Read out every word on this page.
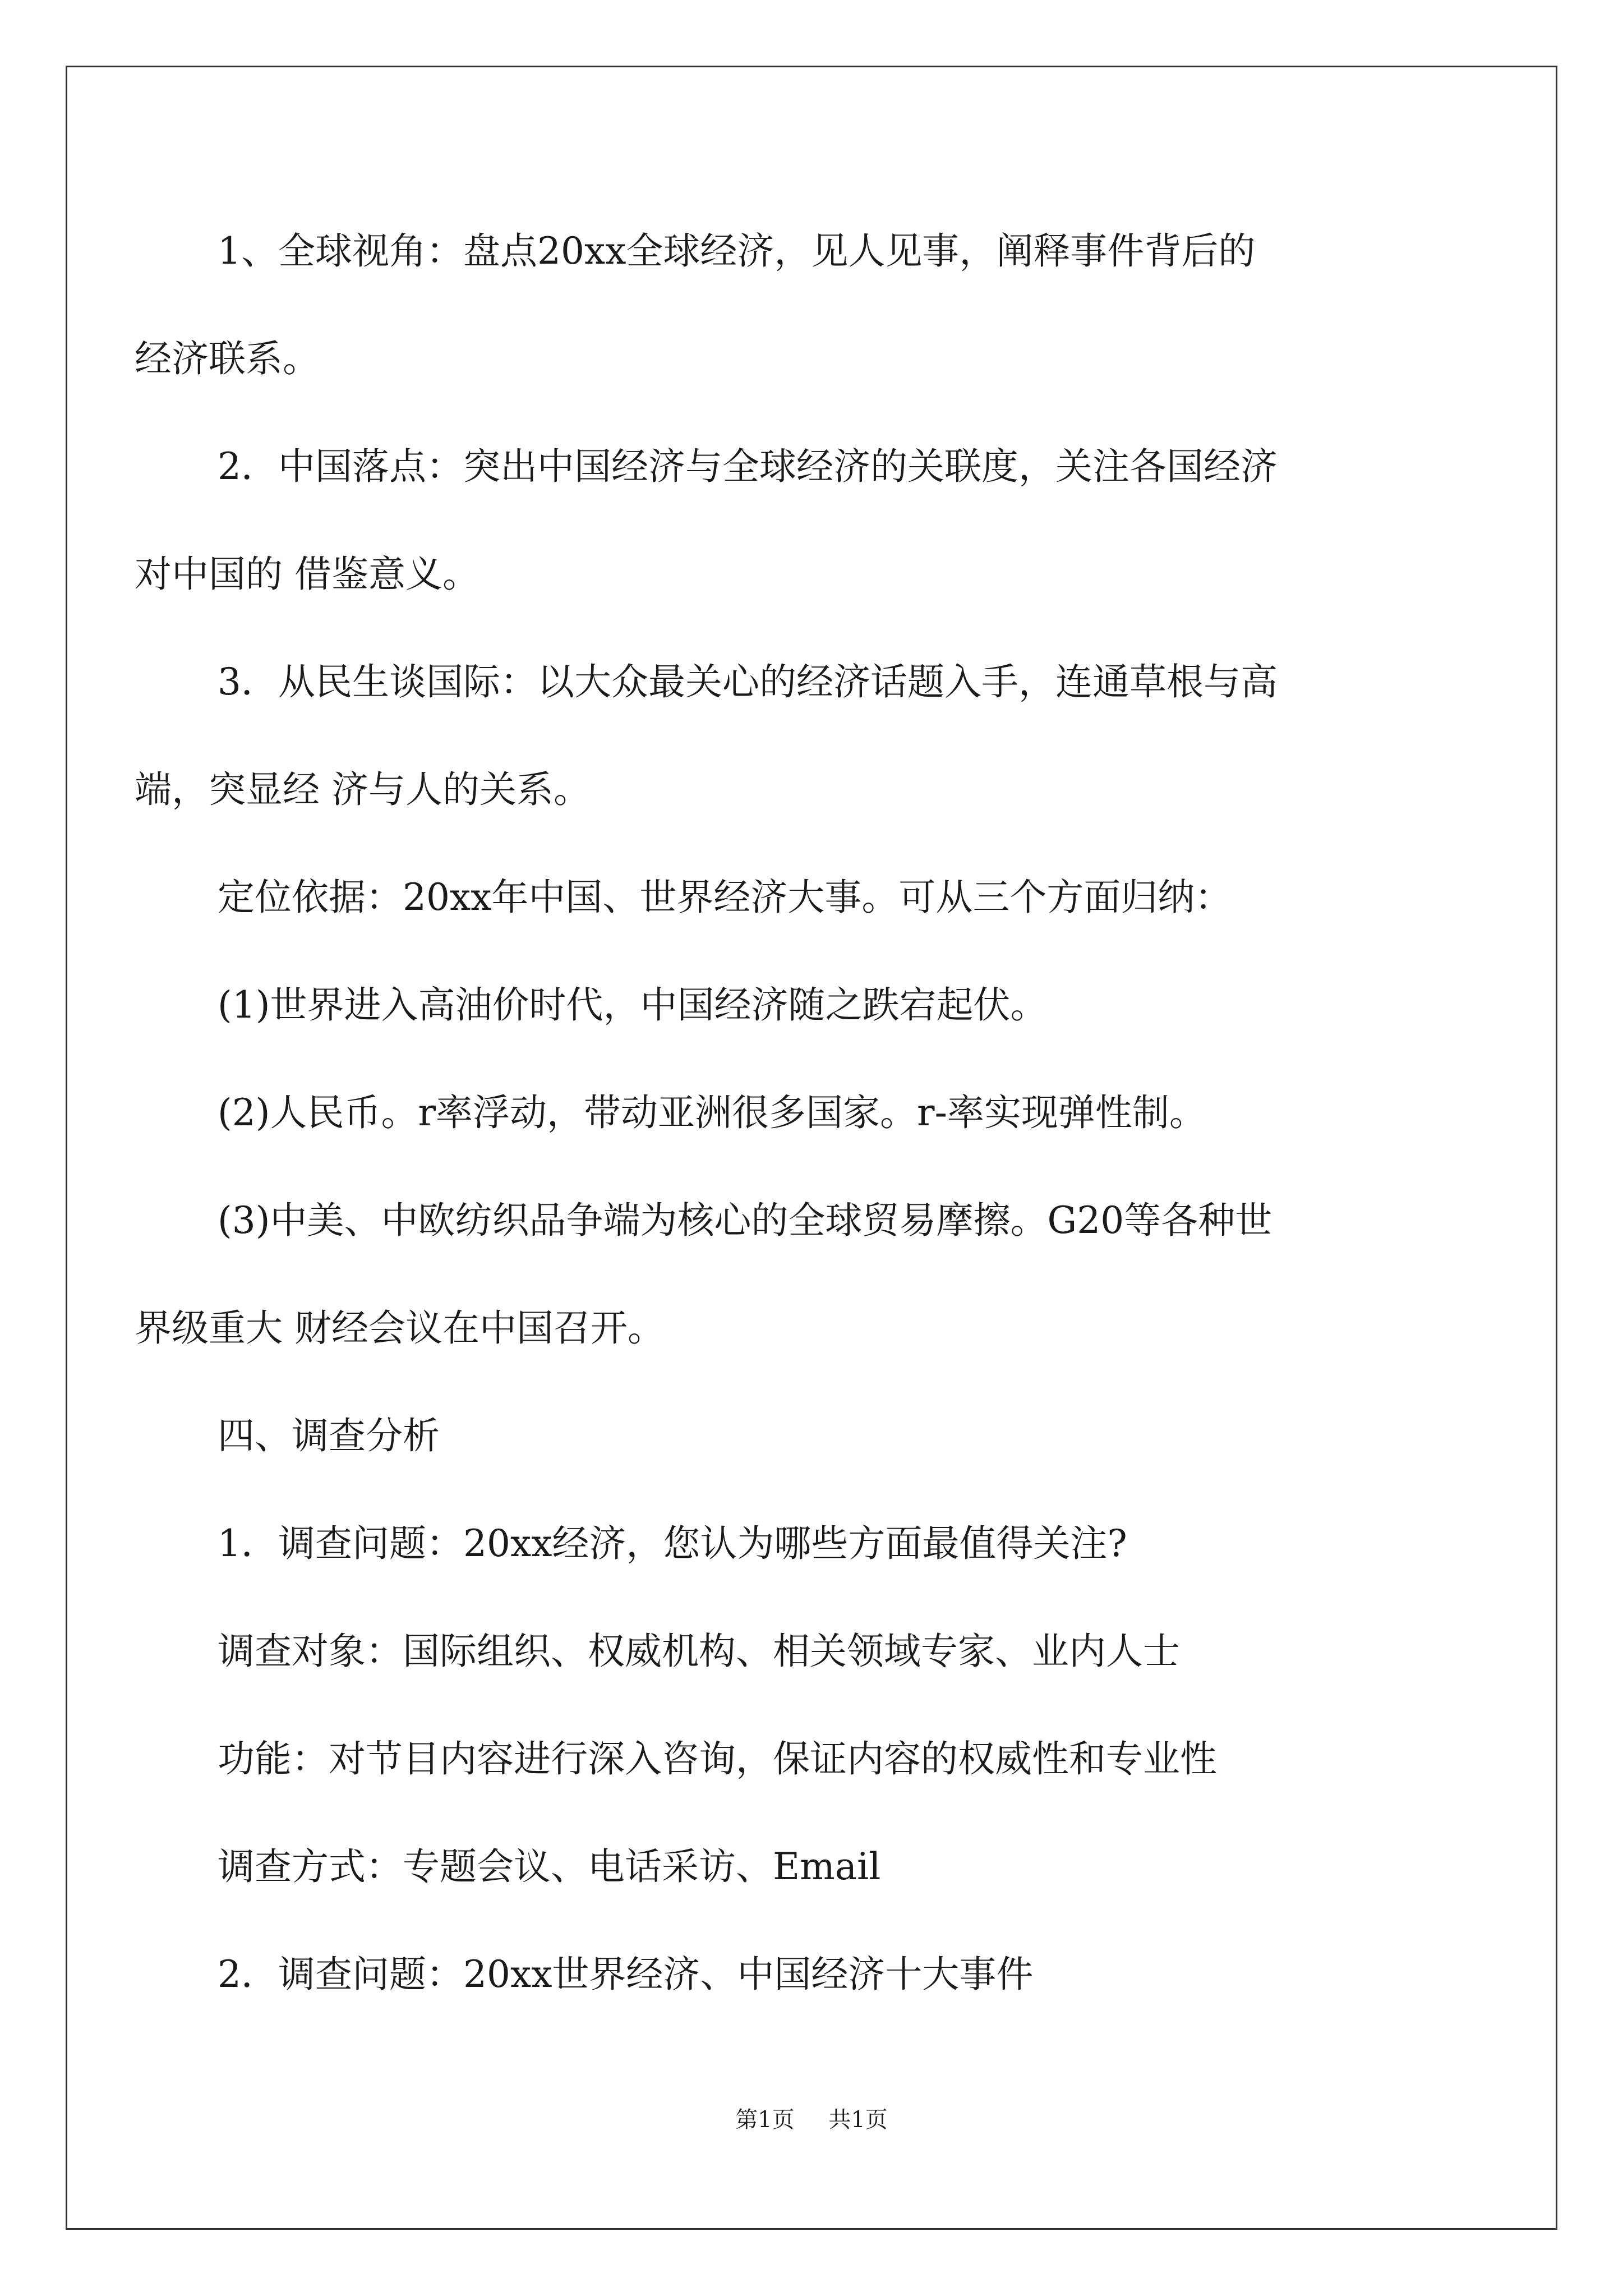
1、全球视角：盘点20xx全球经济，见人见事，阐释事件背后的
经济联系。
2．中国落点：突出中国经济与全球经济的关联度，关注各国经济
对中国的 借鉴意义。
3．从民生谈国际：以大众最关心的经济话题入手，连通草根与高
端，突显经 济与人的关系。
定位依据：20xx年中国、世界经济大事。可从三个方面归纳：
(1)世界进入高油价时代，中国经济随之跌宕起伏。
(2)人民币。r率浮动，带动亚洲很多国家。r-率实现弹性制。
(3)中美、中欧纺织品争端为核心的全球贸易摩擦。G20等各种世
界级重大 财经会议在中国召开。
四、调查分析
1．调查问题：20xx经济，您认为哪些方面最值得关注?
调查对象：国际组织、权威机构、相关领域专家、业内人士
功能：对节目内容进行深入咨询，保证内容的权威性和专业性
调查方式：专题会议、电话采访、Email
2．调查问题：20xx世界经济、中国经济十大事件
第1页 共1页
